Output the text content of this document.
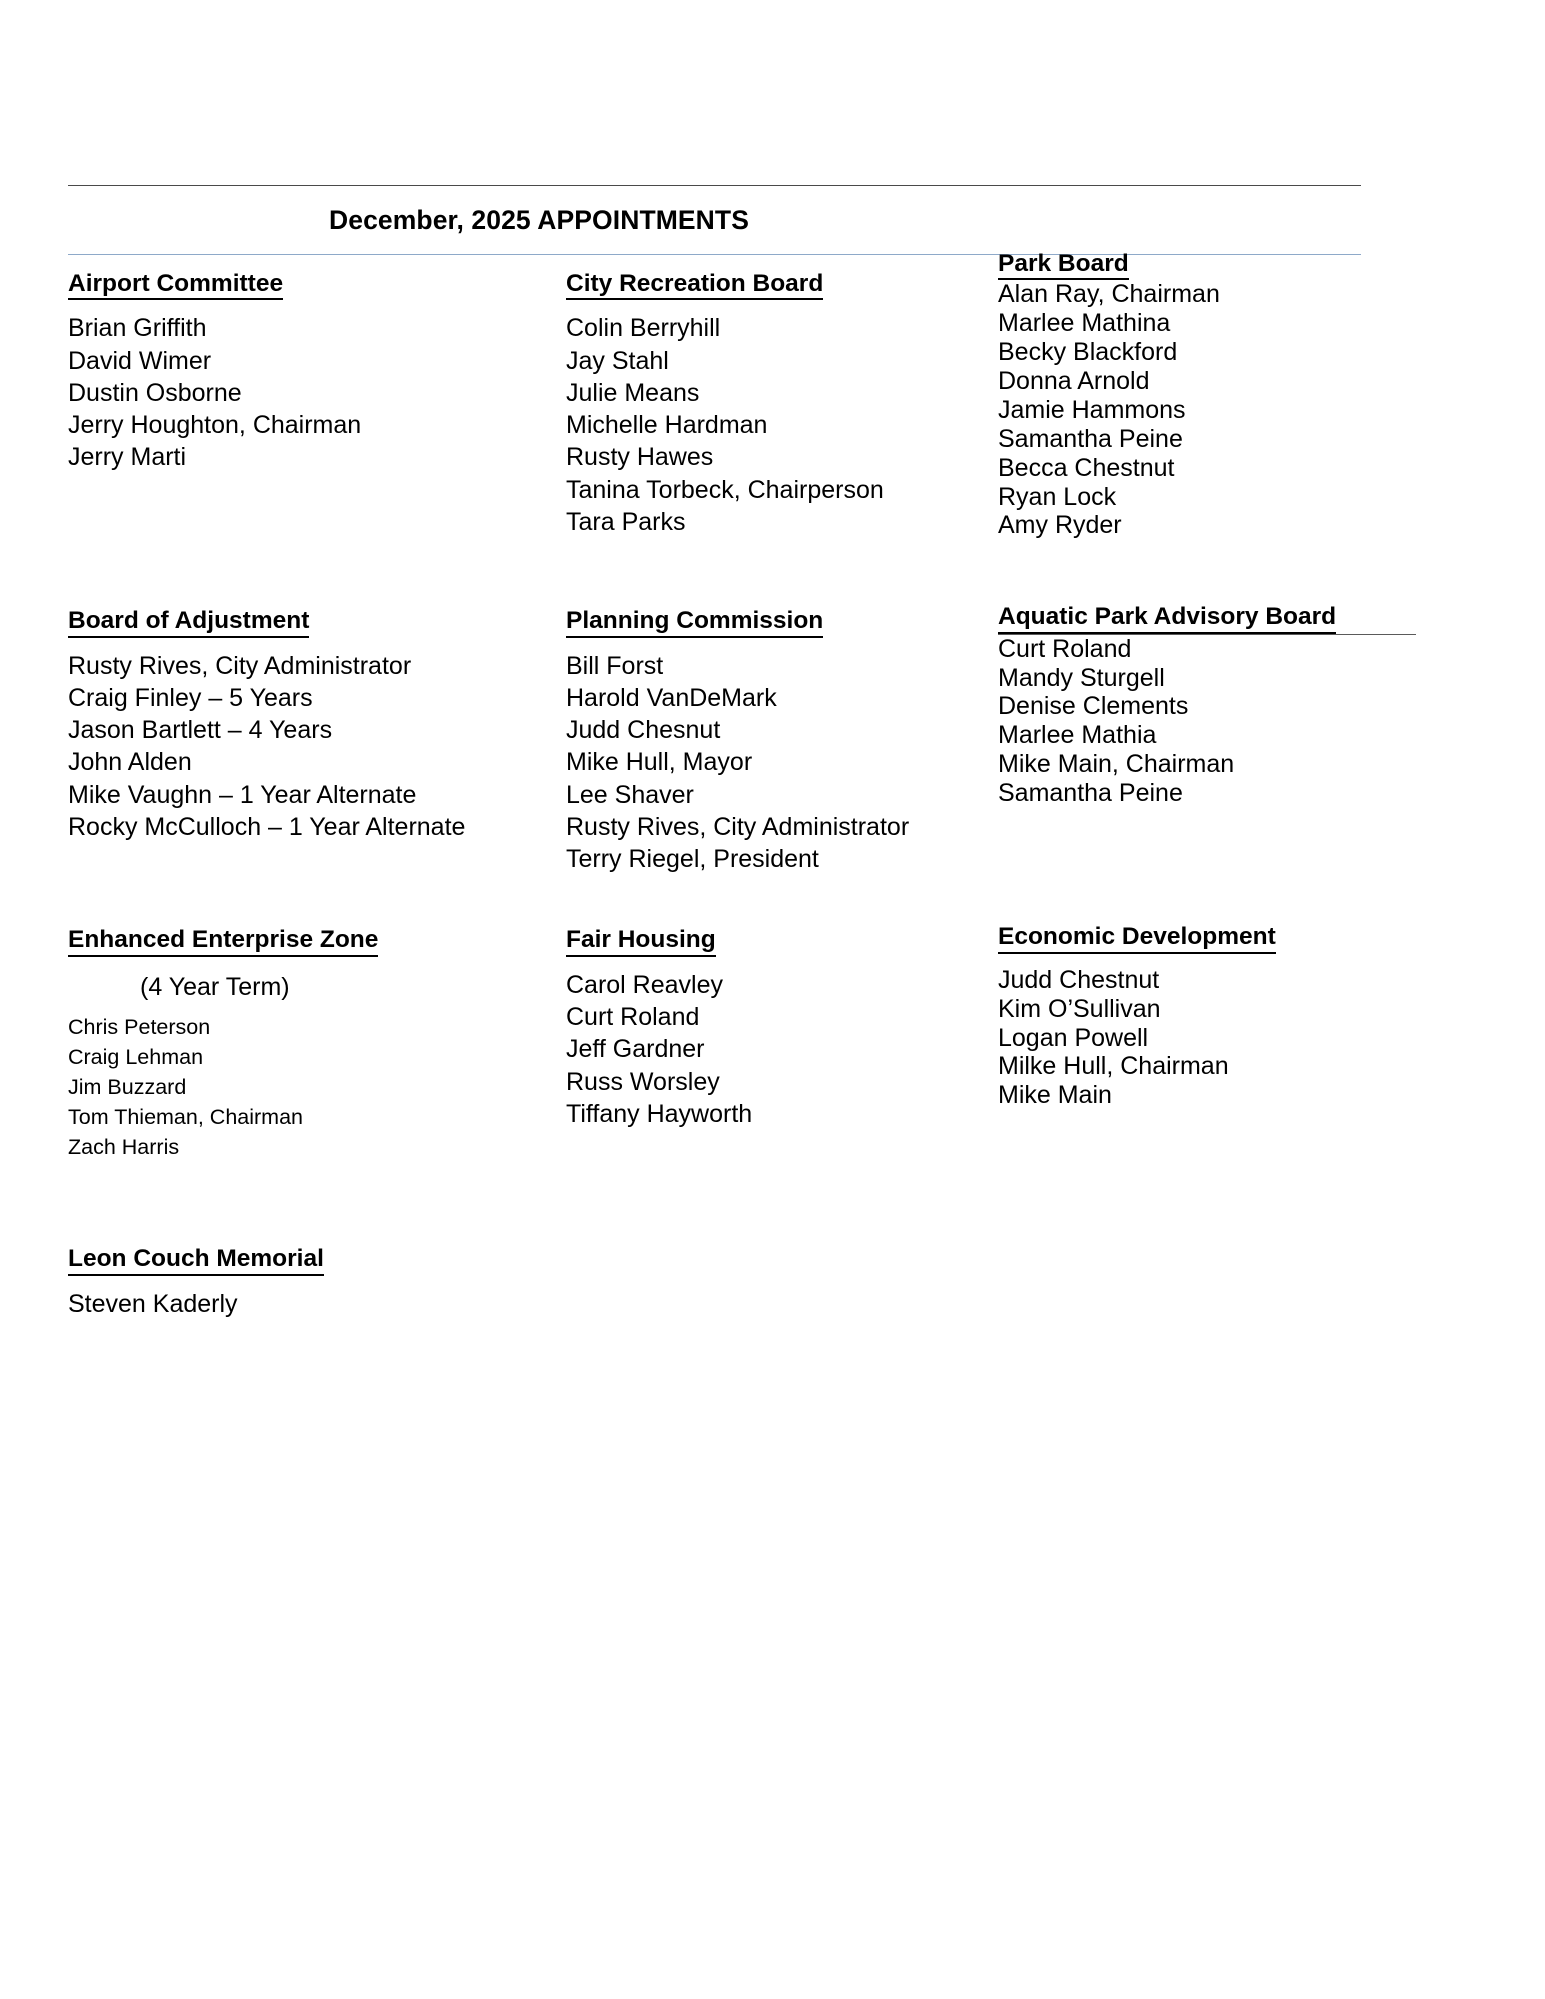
December, 2025 APPOINTMENTS
Airport Committee
Brian Griffith
David Wimer
Dustin Osborne
Jerry Houghton, Chairman
Jerry Marti
City Recreation Board
Colin Berryhill
Jay Stahl
Julie Means
Michelle Hardman
Rusty Hawes
Tanina Torbeck, Chairperson
Tara Parks
Park Board
Alan Ray, Chairman
Marlee Mathina
Becky Blackford
Donna Arnold
Jamie Hammons
Samantha Peine
Becca Chestnut
Ryan Lock
Amy Ryder
Board of Adjustment
Rusty Rives, City Administrator
Craig Finley – 5 Years
Jason Bartlett – 4 Years
John Alden
Mike Vaughn – 1 Year Alternate
Rocky McCulloch – 1 Year Alternate
Planning Commission
Bill Forst
Harold VanDeMark
Judd Chesnut
Mike Hull, Mayor
Lee Shaver
Rusty Rives, City Administrator
Terry Riegel, President
Aquatic Park Advisory Board
Curt Roland
Mandy Sturgell
Denise Clements
Marlee Mathia
Mike Main, Chairman
Samantha Peine
Enhanced Enterprise Zone
(4 Year Term)
Chris Peterson
Craig Lehman
Jim Buzzard
Tom Thieman, Chairman
Zach Harris
Fair Housing
Carol Reavley
Curt Roland
Jeff Gardner
Russ Worsley
Tiffany Hayworth
Economic Development
Judd Chestnut
Kim O’Sullivan
Logan Powell
Milke Hull, Chairman
Mike Main
Leon Couch Memorial
Steven Kaderly
